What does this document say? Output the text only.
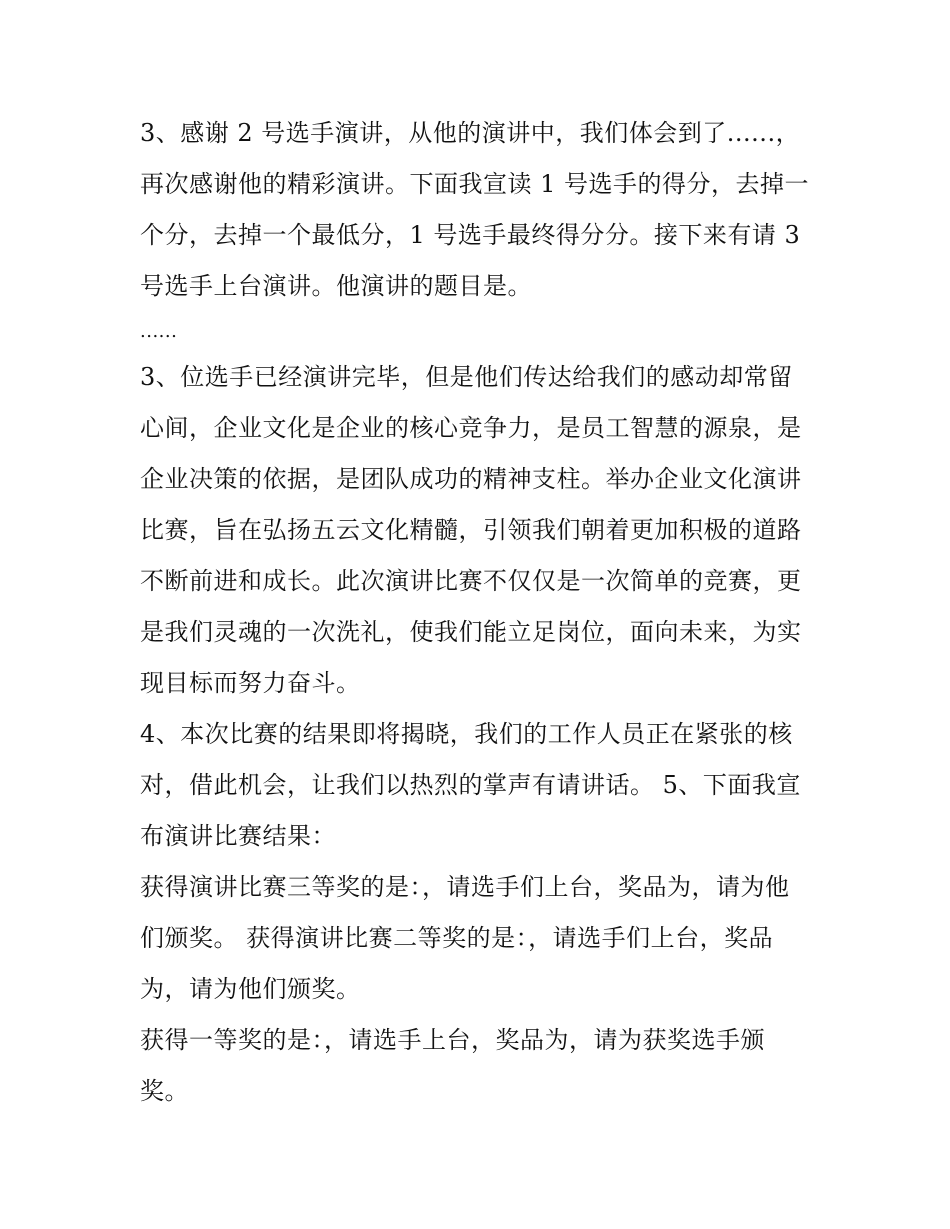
3、感谢 2 号选手演讲，从他的演讲中，我们体会到了......，
再次感谢他的精彩演讲。下面我宣读 1 号选手的得分，去掉一
个分，去掉一个最低分，1 号选手最终得分分。接下来有请 3
号选手上台演讲。他演讲的题目是。
......
3、位选手已经演讲完毕，但是他们传达给我们的感动却常留
心间，企业文化是企业的核心竞争力，是员工智慧的源泉，是
企业决策的依据，是团队成功的精神支柱。举办企业文化演讲
比赛，旨在弘扬五云文化精髓，引领我们朝着更加积极的道路
不断前进和成长。此次演讲比赛不仅仅是一次简单的竞赛，更
是我们灵魂的一次洗礼，使我们能立足岗位，面向未来，为实
现目标而努力奋斗。
4、本次比赛的结果即将揭晓，我们的工作人员正在紧张的核
对，借此机会，让我们以热烈的掌声有请讲话。 5、下面我宣
布演讲比赛结果：
获得演讲比赛三等奖的是：，请选手们上台，奖品为，请为他
们颁奖。 获得演讲比赛二等奖的是：，请选手们上台，奖品
为，请为他们颁奖。
获得一等奖的是：，请选手上台，奖品为，请为获奖选手颁
奖。
